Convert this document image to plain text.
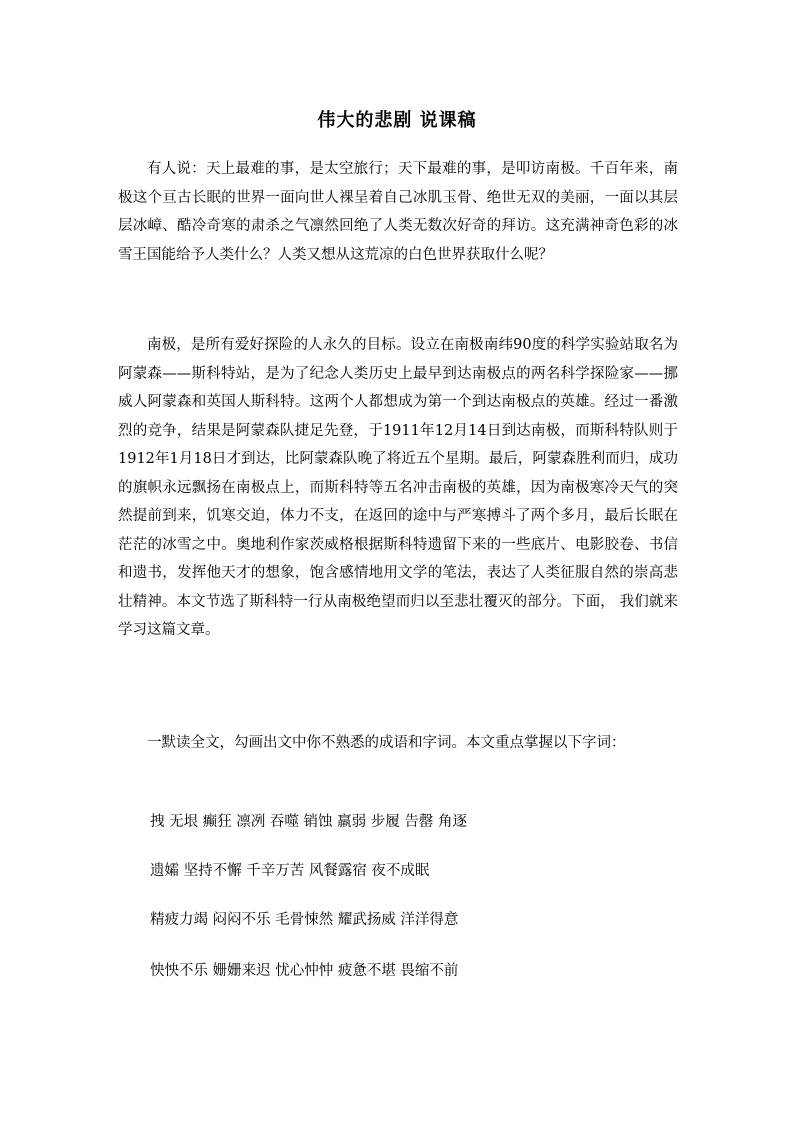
伟大的悲剧 说课稿

有人说：天上最难的事，是太空旅行；天下最难的事，是叩访南极。千百年来，南极这个亘古长眠的世界一面向世人裸呈着自己冰肌玉骨、绝世无双的美丽，一面以其层层冰嶂、酷冷奇寒的肃杀之气凛然回绝了人类无数次好奇的拜访。这充满神奇色彩的冰雪王国能给予人类什么？人类又想从这荒凉的白色世界获取什么呢？

南极，是所有爱好探险的人永久的目标。设立在南极南纬90度的科学实验站取名为阿蒙森——斯科特站，是为了纪念人类历史上最早到达南极点的两名科学探险家——挪威人阿蒙森和英国人斯科特。这两个人都想成为第一个到达南极点的英雄。经过一番激烈的竞争，结果是阿蒙森队捷足先登，于1911年12月14日到达南极，而斯科特队则于1912年1月18日才到达，比阿蒙森队晚了将近五个星期。最后，阿蒙森胜利而归，成功的旗帜永远飘扬在南极点上，而斯科特等五名冲击南极的英雄，因为南极寒冷天气的突然提前到来，饥寒交迫，体力不支，在返回的途中与严寒搏斗了两个多月，最后长眠在茫茫的冰雪之中。奥地利作家茨威格根据斯科特遗留下来的一些底片、电影胶卷、书信和遗书，发挥他天才的想象，饱含感情地用文学的笔法，表达了人类征服自然的崇高悲壮精神。本文节选了斯科特一行从南极绝望而归以至悲壮覆灭的部分。下面， 我们就来学习这篇文章。

一默读全文，勾画出文中你不熟悉的成语和字词。本文重点掌握以下字词：

拽 无垠 癫狂 凛冽 吞噬 销蚀 羸弱 步履 告罄 角逐

遗孀 坚持不懈 千辛万苦 风餐露宿 夜不成眠

精疲力竭 闷闷不乐 毛骨悚然 耀武扬威 洋洋得意

怏怏不乐 姗姗来迟 忧心忡忡 疲惫不堪 畏缩不前
